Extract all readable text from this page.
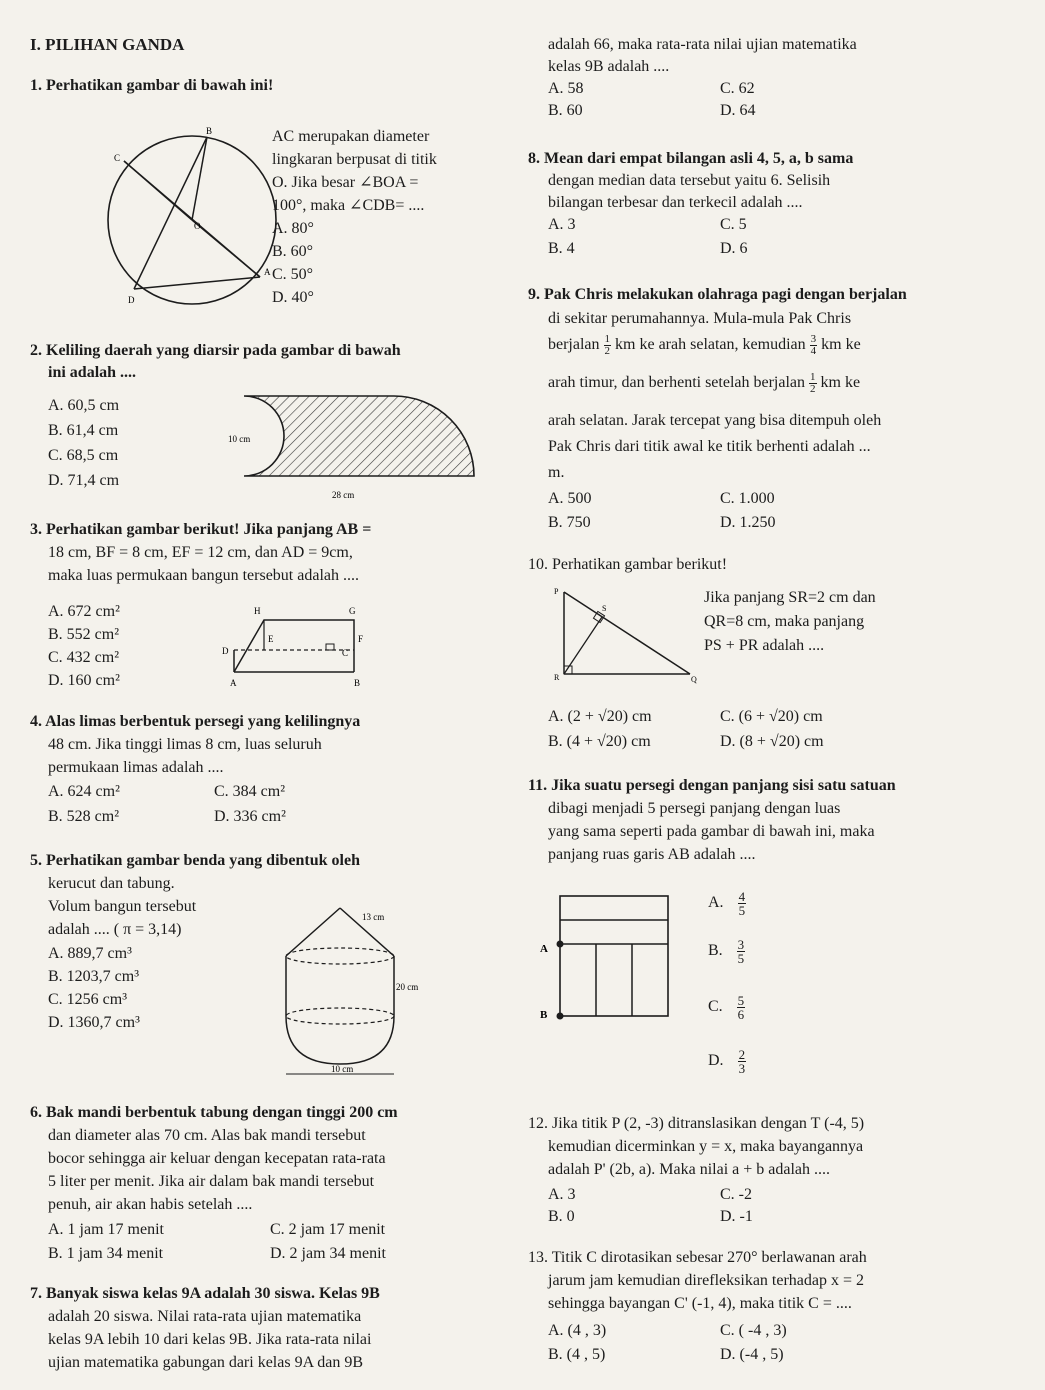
I. PILIHAN GANDA
1. Perhatikan gambar di bawah ini!
B
C
O
A
D
AC merupakan diameter
lingkaran berpusat di titik
O. Jika besar ∠BOA =
100°, maka ∠CDB= ....
A. 80°
B. 60°
C. 50°
D. 40°
2. Keliling daerah yang diarsir pada gambar di bawah
ini adalah ....
A. 60,5 cm
B. 61,4 cm
C. 68,5 cm
D. 71,4 cm
10 cm
28 cm
3. Perhatikan gambar berikut! Jika panjang AB =
18 cm, BF = 8 cm, EF = 12 cm, dan AD = 9cm,
maka luas permukaan bangun tersebut adalah ....
A. 672 cm²
B. 552 cm²
C. 432 cm²
D. 160 cm²
H	G
E	F
D	C
A	B
4. Alas limas berbentuk persegi yang kelilingnya
48 cm. Jika tinggi limas 8 cm, luas seluruh
permukaan limas adalah ....
A. 624 cm²	C. 384 cm²
B. 528 cm²	D. 336 cm²
5. Perhatikan gambar benda yang dibentuk oleh
kerucut dan tabung.
Volum bangun tersebut
adalah .... ( π = 3,14)
A. 889,7 cm³
B. 1203,7 cm³
C. 1256 cm³
D. 1360,7 cm³
13 cm
20 cm
10 cm
6. Bak mandi berbentuk tabung dengan tinggi 200 cm
dan diameter alas 70 cm. Alas bak mandi tersebut
bocor sehingga air keluar dengan kecepatan rata-rata
5 liter per menit. Jika air dalam bak mandi tersebut
penuh, air akan habis setelah ....
A. 1 jam 17 menit	C. 2 jam 17 menit
B. 1 jam 34 menit	D. 2 jam 34 menit
7. Banyak siswa kelas 9A adalah 30 siswa. Kelas 9B
adalah 20 siswa. Nilai rata-rata ujian matematika
kelas 9A lebih 10 dari kelas 9B. Jika rata-rata nilai
ujian matematika gabungan dari kelas 9A dan 9B
adalah 66, maka rata-rata nilai ujian matematika
kelas 9B adalah ....
A. 58	C. 62
B. 60	D. 64
8. Mean dari empat bilangan asli 4, 5, a, b sama
dengan median data tersebut yaitu 6. Selisih
bilangan terbesar dan terkecil adalah ....
A. 3	C. 5
B. 4	D. 6
9. Pak Chris melakukan olahraga pagi dengan berjalan
di sekitar perumahannya. Mula-mula Pak Chris
berjalan $\frac{1}{2}$ km ke arah selatan, kemudian $\frac{3}{4}$ km ke
arah timur, dan berhenti setelah berjalan $\frac{1}{2}$ km ke
arah selatan. Jarak tercepat yang bisa ditempuh oleh
Pak Chris dari titik awal ke titik berhenti adalah ...
m.
A. 500	C. 1.000
B. 750	D. 1.250
10. Perhatikan gambar berikut!
P
R
S
Q
Jika panjang SR=2 cm dan
QR=8 cm, maka panjang
PS + PR adalah ....
A. (2 + √20) cm	C. (6 + √20) cm
B. (4 + √20) cm	D. (8 + √20) cm
11. Jika suatu persegi dengan panjang sisi satu satuan
dibagi menjadi 5 persegi panjang dengan luas
yang sama seperti pada gambar di bawah ini, maka
panjang ruas garis AB adalah ....
A
B
A. $\frac{4}{5}$
B. $\frac{3}{5}$
C. $\frac{5}{6}$
D. $\frac{2}{3}$
12. Jika titik P (2, -3) ditranslasikan dengan T (-4, 5)
kemudian dicerminkan y = x, maka bayangannya
adalah P' (2b, a). Maka nilai a + b adalah ....
A. 3	C. -2
B. 0	D. -1
13. Titik C dirotasikan sebesar 270° berlawanan arah
jarum jam kemudian direfleksikan terhadap x = 2
sehingga bayangan C' (-1, 4), maka titik C = ....
A. (4 , 3)	C. ( -4 , 3)
B. (4 , 5)	D. (-4 , 5)
